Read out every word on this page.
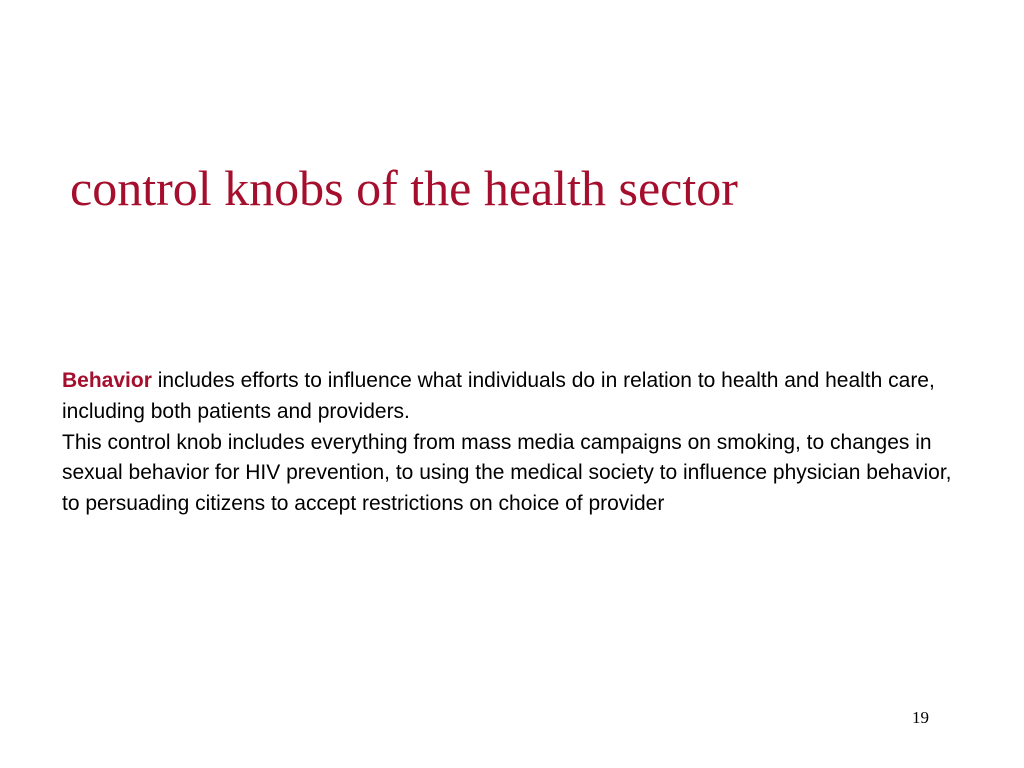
control knobs of the health sector

Behavior includes efforts to influence what individuals do in relation to health and health care, including both patients and providers.

This control knob includes everything from mass media campaigns on smoking, to changes in sexual behavior for HIV prevention, to using the medical society to influence physician behavior, to persuading citizens to accept restrictions on choice of provider

19
